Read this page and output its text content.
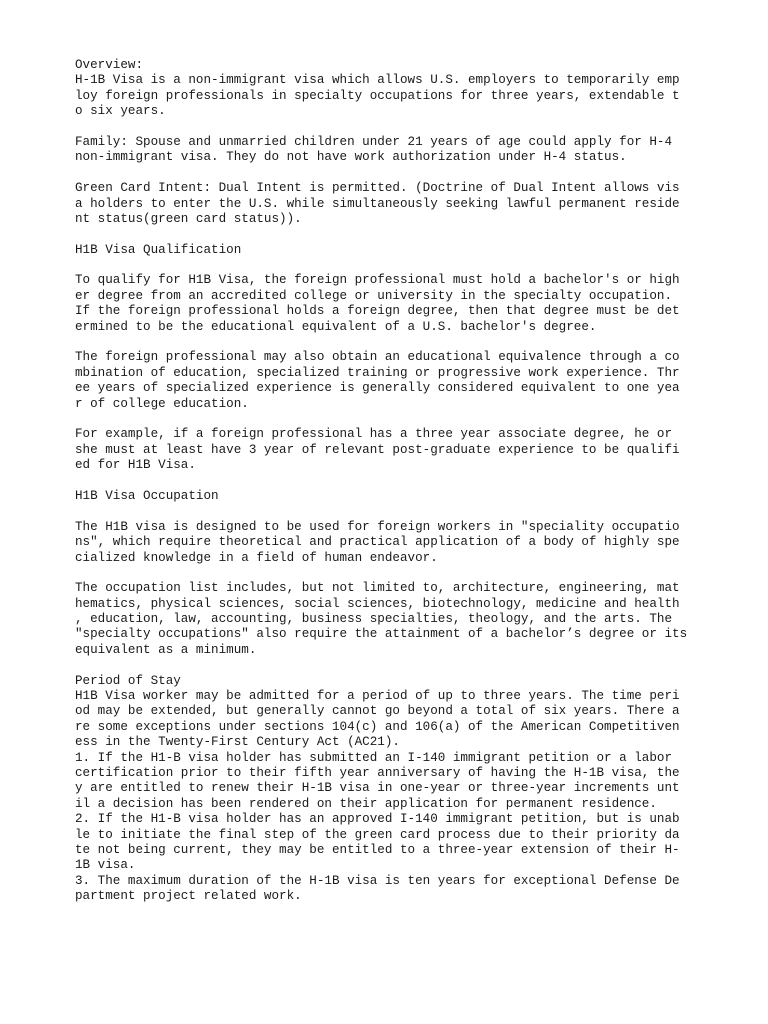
Overview:
H-1B Visa is a non-immigrant visa which allows U.S. employers to temporarily emp
loy foreign professionals in specialty occupations for three years, extendable t
o six years.
Family: Spouse and unmarried children under 21 years of age could apply for H-4
non-immigrant visa. They do not have work authorization under H-4 status.
Green Card Intent: Dual Intent is permitted. (Doctrine of Dual Intent allows vis
a holders to enter the U.S. while simultaneously seeking lawful permanent reside
nt status(green card status)).
H1B Visa Qualification
To qualify for H1B Visa, the foreign professional must hold a bachelor's or high
er degree from an accredited college or university in the specialty occupation.
If the foreign professional holds a foreign degree, then that degree must be det
ermined to be the educational equivalent of a U.S. bachelor's degree.
The foreign professional may also obtain an educational equivalence through a co
mbination of education, specialized training or progressive work experience. Thr
ee years of specialized experience is generally considered equivalent to one yea
r of college education.
For example, if a foreign professional has a three year associate degree, he or
she must at least have 3 year of relevant post-graduate experience to be qualifi
ed for H1B Visa.
H1B Visa Occupation
The H1B visa is designed to be used for foreign workers in "speciality occupatio
ns", which require theoretical and practical application of a body of highly spe
cialized knowledge in a field of human endeavor.
The occupation list includes, but not limited to, architecture, engineering, mat
hematics, physical sciences, social sciences, biotechnology, medicine and health
, education, law, accounting, business specialties, theology, and the arts. The
"specialty occupations" also require the attainment of a bachelor’s degree or its
equivalent as a minimum.
Period of Stay
H1B Visa worker may be admitted for a period of up to three years. The time peri
od may be extended, but generally cannot go beyond a total of six years. There a
re some exceptions under sections 104(c) and 106(a) of the American Competitiven
ess in the Twenty-First Century Act (AC21).
1. If the H1-B visa holder has submitted an I-140 immigrant petition or a labor
certification prior to their fifth year anniversary of having the H-1B visa, the
y are entitled to renew their H-1B visa in one-year or three-year increments unt
il a decision has been rendered on their application for permanent residence.
2. If the H1-B visa holder has an approved I-140 immigrant petition, but is unab
le to initiate the final step of the green card process due to their priority da
te not being current, they may be entitled to a three-year extension of their H-
1B visa.
3. The maximum duration of the H-1B visa is ten years for exceptional Defense De
partment project related work.
